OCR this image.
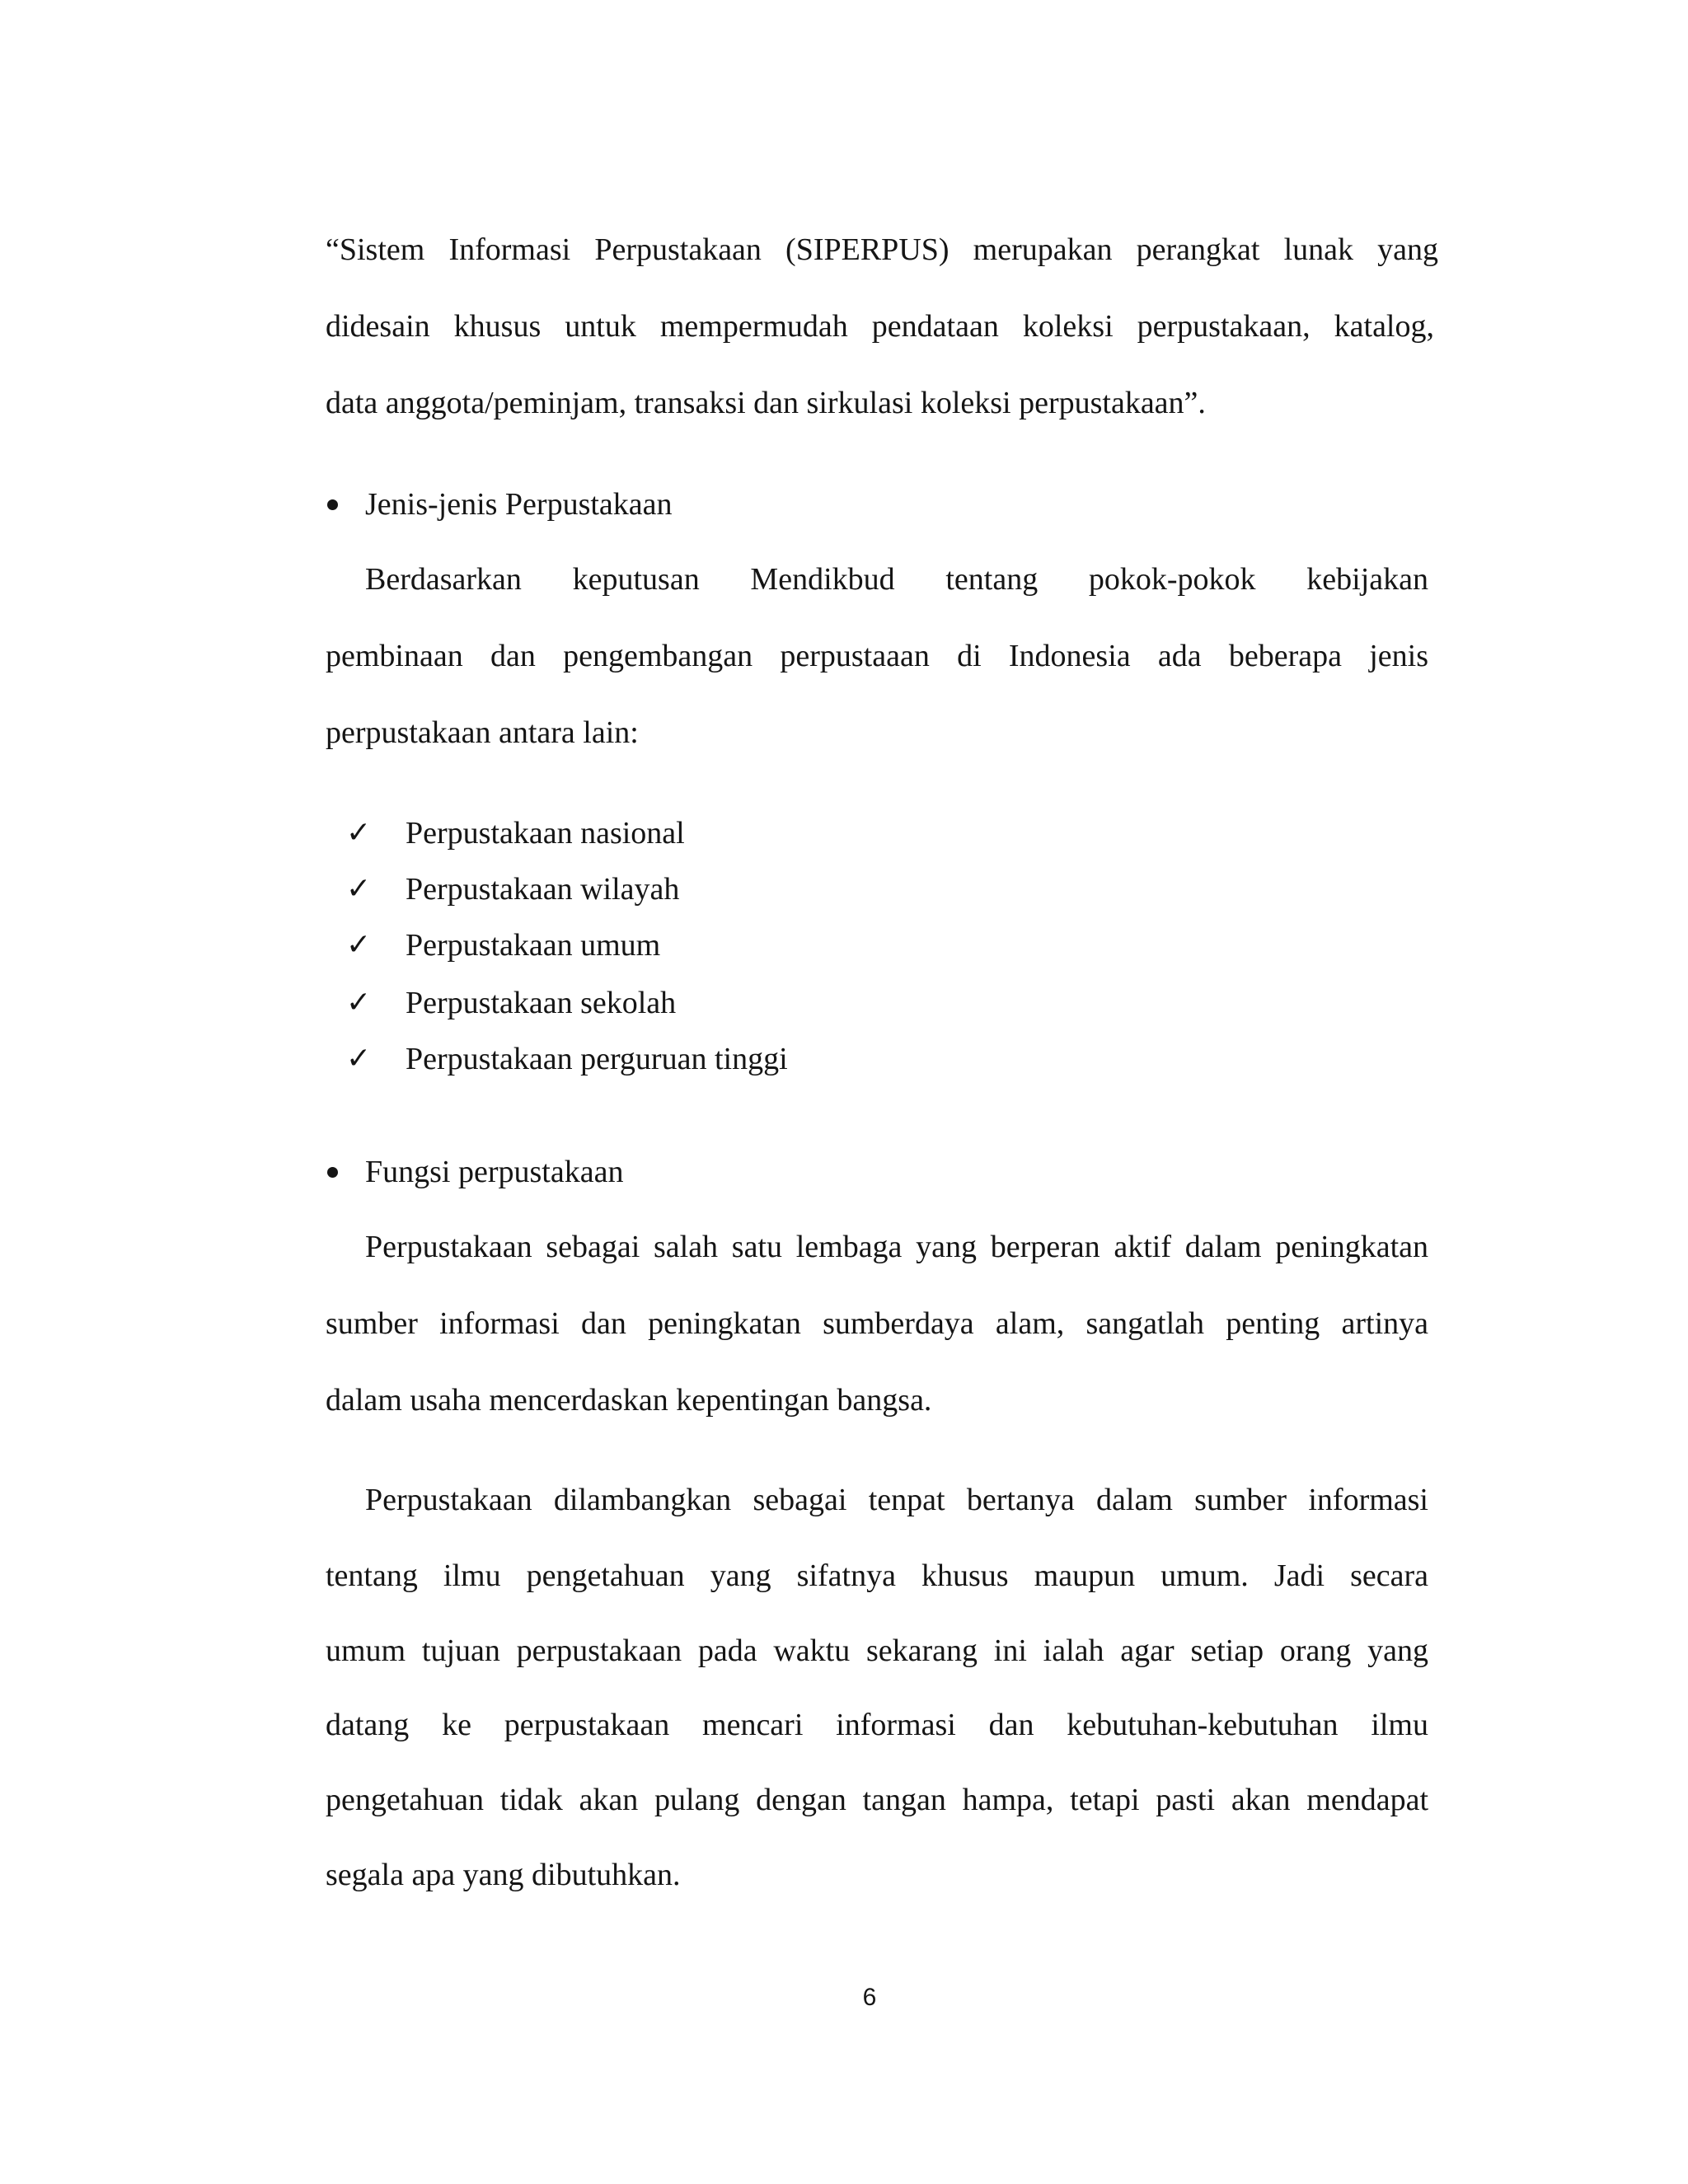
“Sistem Informasi Perpustakaan (SIPERPUS) merupakan perangkat lunak yang
didesain khusus untuk mempermudah pendataan koleksi perpustakaan, katalog,
data anggota/peminjam, transaksi dan sirkulasi koleksi perpustakaan”.
Jenis-jenis Perpustakaan
Berdasarkan keputusan Mendikbud tentang pokok-pokok kebijakan
pembinaan dan pengembangan perpustaaan di Indonesia ada beberapa jenis
perpustakaan antara lain:
✓ Perpustakaan nasional
✓ Perpustakaan wilayah
✓ Perpustakaan umum
✓ Perpustakaan sekolah
✓ Perpustakaan perguruan tinggi
Fungsi perpustakaan
Perpustakaan sebagai salah satu lembaga yang berperan aktif dalam peningkatan
sumber informasi dan peningkatan sumberdaya alam, sangatlah penting artinya
dalam usaha mencerdaskan kepentingan bangsa.
Perpustakaan dilambangkan sebagai tenpat bertanya dalam sumber informasi
tentang ilmu pengetahuan yang sifatnya khusus maupun umum. Jadi secara
umum tujuan perpustakaan pada waktu sekarang ini ialah agar setiap orang yang
datang ke perpustakaan mencari informasi dan kebutuhan-kebutuhan ilmu
pengetahuan tidak akan pulang dengan tangan hampa, tetapi pasti akan mendapat
segala apa yang dibutuhkan.
6
